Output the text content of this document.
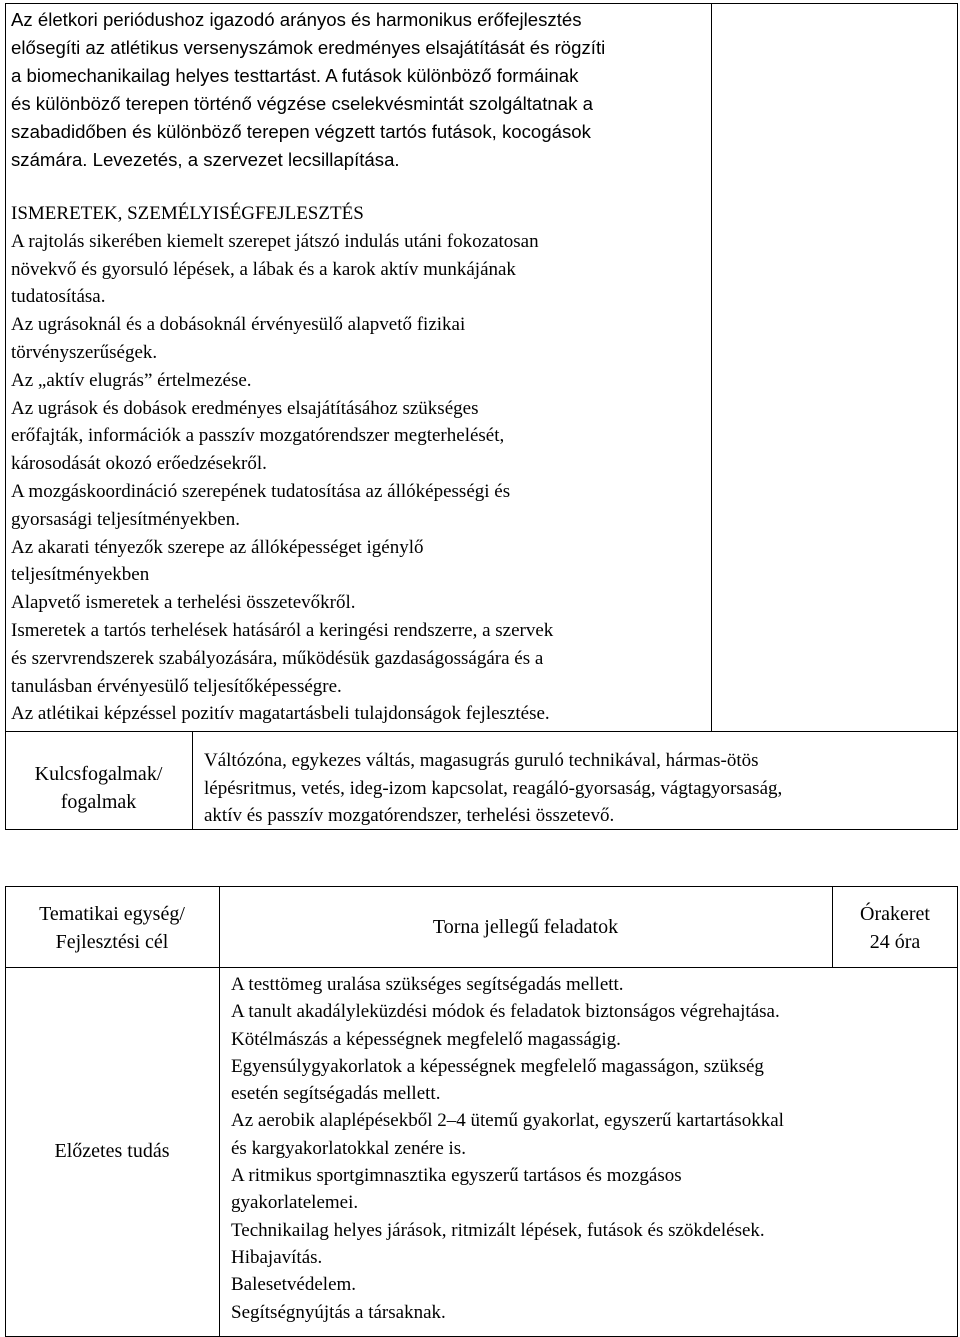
Az életkori periódushoz igazodó arányos és harmonikus erőfejlesztés

elősegíti az atlétikus versenyszámok eredményes elsajátítását és rögzíti

a biomechanikailag helyes testtartást. A futások különböző formáinak

és különböző terepen történő végzése cselekvésmintát szolgáltatnak a

szabadidőben és különböző terepen végzett tartós futások, kocogások

számára. Levezetés, a szervezet lecsillapítása.

ISMERETEK, SZEMÉLYISÉGFEJLESZTÉS

A rajtolás sikerében kiemelt szerepet játszó indulás utáni fokozatosan

növekvő és gyorsuló lépések, a lábak és a karok aktív munkájának

tudatosítása.

Az ugrásoknál és a dobásoknál érvényesülő alapvető fizikai

törvényszerűségek.

Az „aktív elugrás” értelmezése.

Az ugrások és dobások eredményes elsajátításához szükséges

erőfajták, információk a passzív mozgatórendszer megterhelését,

károsodását okozó erőedzésekről.

A mozgáskoordináció szerepének tudatosítása az állóképességi és

gyorsasági teljesítményekben.

Az akarati tényezők szerepe az állóképességet igénylő

teljesítményekben

Alapvető ismeretek a terhelési összetevőkről.

Ismeretek a tartós terhelések hatásáról a keringési rendszerre, a szervek

és szervrendszerek szabályozására, működésük gazdaságosságára és a

tanulásban érvényesülő teljesítőképességre.

Az atlétikai képzéssel pozitív magatartásbeli tulajdonságok fejlesztése.

Kulcsfogalmak/

fogalmak

Váltózóna, egykezes váltás, magasugrás guruló technikával, hármas-ötös

lépésritmus, vetés, ideg-izom kapcsolat, reagáló-gyorsaság, vágtagyorsaság,

aktív és passzív mozgatórendszer, terhelési összetevő.

Tematikai egység/

Fejlesztési cél

Torna jellegű feladatok

Órakeret

24 óra

Előzetes tudás

A testtömeg uralása szükséges segítségadás mellett.

A tanult akadályleküzdési módok és feladatok biztonságos végrehajtása.

Kötélmászás a képességnek megfelelő magasságig.

Egyensúlygyakorlatok a képességnek megfelelő magasságon, szükség

esetén segítségadás mellett.

Az aerobik alaplépésekből 2–4 ütemű gyakorlat, egyszerű kartartásokkal

és kargyakorlatokkal zenére is.

A ritmikus sportgimnasztika egyszerű tartásos és mozgásos

gyakorlatelemei.

Technikailag helyes járások, ritmizált lépések, futások és szökdelések.

Hibajavítás.

Balesetvédelem.

Segítségnyújtás a társaknak.
